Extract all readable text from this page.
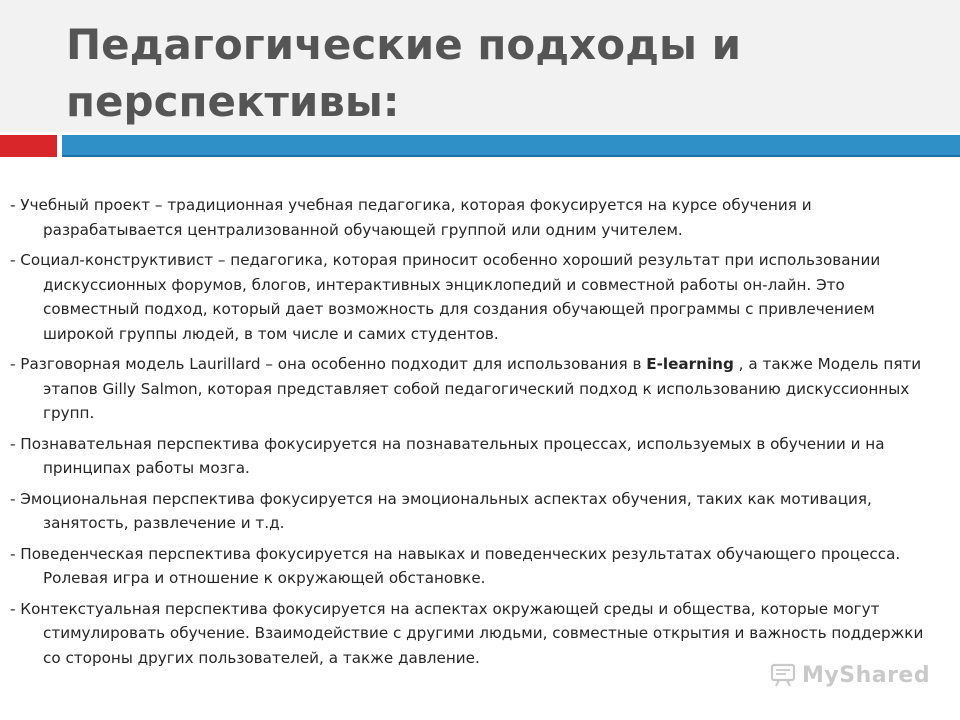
Педагогические подходы и перспективы:

- Учебный проект – традиционная учебная педагогика, которая фокусируется на курсе обучения и разрабатывается централизованной обучающей группой или одним учителем.

- Социал-конструктивист – педагогика, которая приносит особенно хороший результат при использовании дискуссионных форумов, блогов, интерактивных энциклопедий и совместной работы он-лайн. Это совместный подход, который дает возможность для создания обучающей программы с привлечением широкой группы людей, в том числе и самих студентов.

- Разговорная модель Laurillard – она особенно подходит для использования в E-learning , а также Модель пяти этапов Gilly Salmon, которая представляет собой педагогический подход к использованию дискуссионных групп.

- Познавательная перспектива фокусируется на познавательных процессах, используемых в обучении и на принципах работы мозга.

- Эмоциональная перспектива фокусируется на эмоциональных аспектах обучения, таких как мотивация, занятость, развлечение и т.д.

- Поведенческая перспектива фокусируется на навыках и поведенческих результатах обучающего процесса. Ролевая игра и отношение к окружающей обстановке.

- Контекстуальная перспектива фокусируется на аспектах окружающей среды и общества, которые могут стимулировать обучение. Взаимодействие с другими людьми, совместные открытия и важность поддержки со стороны других пользователей, а также давление.

MyShared
